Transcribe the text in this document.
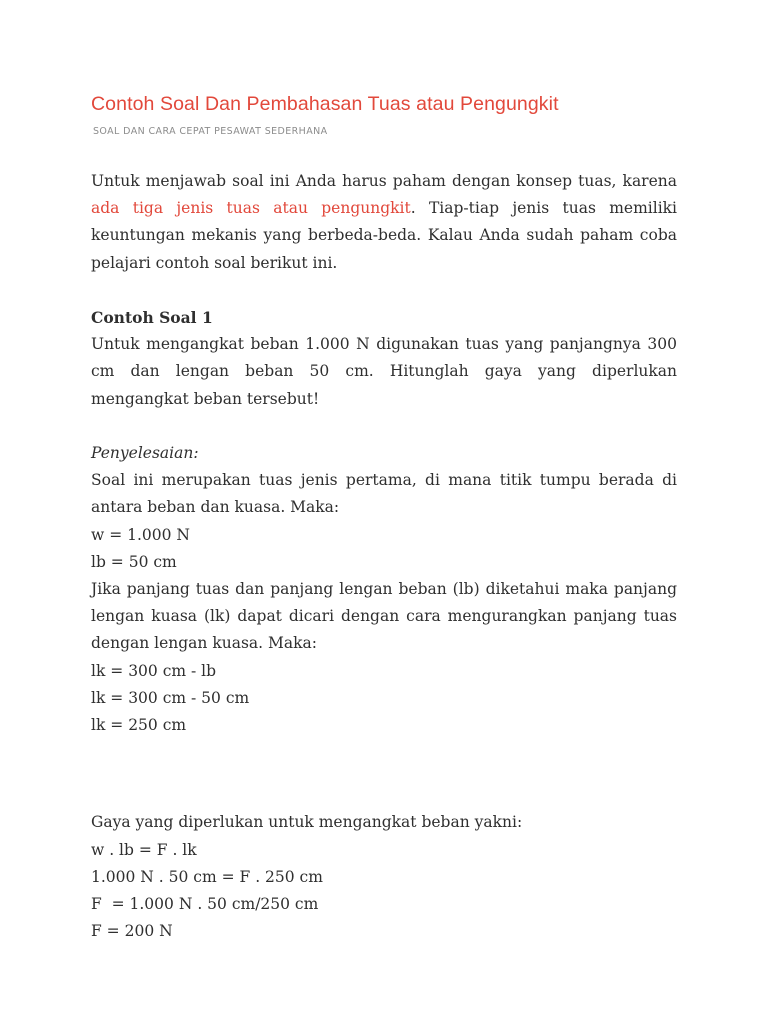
Contoh Soal Dan Pembahasan Tuas atau Pengungkit
SOAL DAN CARA CEPAT PESAWAT SEDERHANA

Untuk menjawab soal ini Anda harus paham dengan konsep tuas, karena ada tiga jenis tuas atau pengungkit. Tiap-tiap jenis tuas memiliki keuntungan mekanis yang berbeda-beda. Kalau Anda sudah paham coba pelajari contoh soal berikut ini.

Contoh Soal 1

Untuk mengangkat beban 1.000 N digunakan tuas yang panjangnya 300 cm dan lengan beban 50 cm. Hitunglah gaya yang diperlukan mengangkat beban tersebut!

Penyelesaian:

Soal ini merupakan tuas jenis pertama, di mana titik tumpu berada di antara beban dan kuasa. Maka:

w = 1.000 N
lb = 50 cm

Jika panjang tuas dan panjang lengan beban (lb) diketahui maka panjang lengan kuasa (lk) dapat dicari dengan cara mengurangkan panjang tuas dengan lengan kuasa. Maka:

lk = 300 cm - lb
lk = 300 cm - 50 cm
lk = 250 cm
Gaya yang diperlukan untuk mengangkat beban yakni:
w . lb = F . lk
1.000 N . 50 cm = F . 250 cm
F  = 1.000 N . 50 cm/250 cm
F = 200 N
